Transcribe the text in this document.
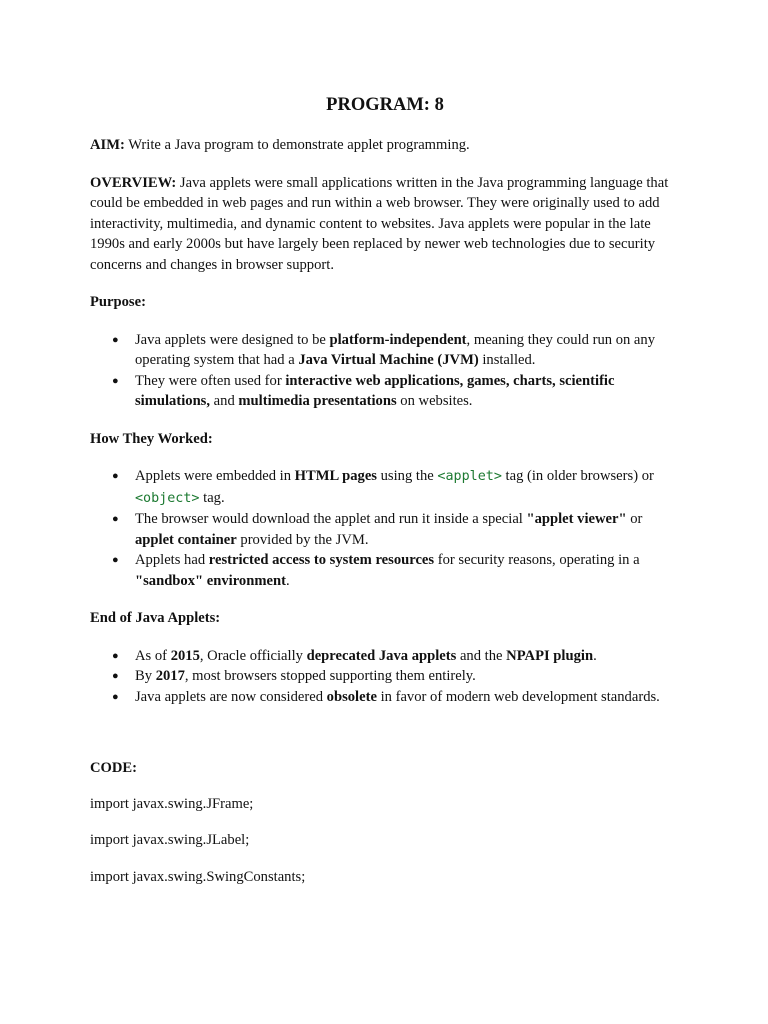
PROGRAM: 8

AIM: Write a Java program to demonstrate applet programming.

OVERVIEW: Java applets were small applications written in the Java programming language that could be embedded in web pages and run within a web browser. They were originally used to add interactivity, multimedia, and dynamic content to websites. Java applets were popular in the late 1990s and early 2000s but have largely been replaced by newer web technologies due to security concerns and changes in browser support.

Purpose:

● Java applets were designed to be platform-independent, meaning they could run on any operating system that had a Java Virtual Machine (JVM) installed.
● They were often used for interactive web applications, games, charts, scientific simulations, and multimedia presentations on websites.

How They Worked:

● Applets were embedded in HTML pages using the <applet> tag (in older browsers) or <object> tag.
● The browser would download the applet and run it inside a special "applet viewer" or applet container provided by the JVM.
● Applets had restricted access to system resources for security reasons, operating in a "sandbox" environment.

End of Java Applets:

● As of 2015, Oracle officially deprecated Java applets and the NPAPI plugin.
● By 2017, most browsers stopped supporting them entirely.
● Java applets are now considered obsolete in favor of modern web development standards.

CODE:

import javax.swing.JFrame;

import javax.swing.JLabel;

import javax.swing.SwingConstants;
